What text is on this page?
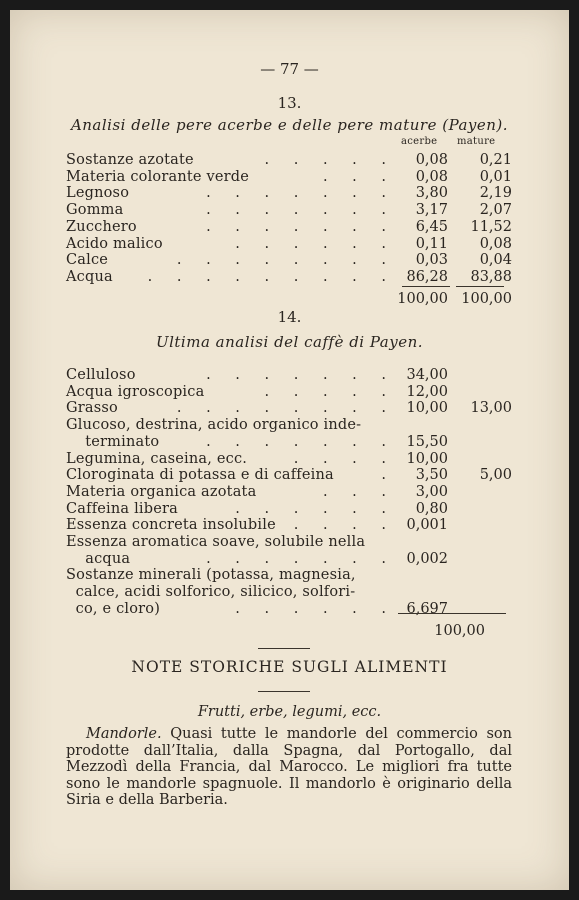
— 77 —
13.
Analisi delle pere acerbe e delle pere mature (Payen).
acerbe mature
Sostanze azotate	. . . . . 0,08 0,21
Materia colorante verde	. . . 0,08 0,01
Legnoso	. . . . . . . 3,80 2,19
Gomma	. . . . . . . 3,17 2,07
Zucchero	. . . . . . . 6,45 11,52
Acido malico	. . . . . . 0,11 0,08
Calce	. . . . . . . . 0,03 0,04
Acqua . . . . . . . . . 86,28 83,88
100,00 100,00
14.
Ultima analisi del caffè di Payen.
Celluloso	. . . . . . . 34,00
Acqua igroscopica	. . . . . 12,00
Grasso	. . . . . . . . 10,00 13,00
Glucoso, destrina, acido organico inde-
terminato	. . . . . . . 15,50
Legumina, caseina, ecc.	. . . . 10,00
Cloroginata di potassa e di caffeina	. 3,50 5,00
Materia organica azotata	. . . 3,00
Caffeina libera	. . . . . . 0,80
Essenza concreta insolubile . . . . 0,001
Essenza aromatica soave, solubile nella
acqua	. . . . . . . 0,002
Sostanze minerali (potassa, magnesia,
calce, acidi solforico, silicico, solfori-
co, e cloro)	. . . . . . 6,697
100,00
NOTE STORICHE SUGLI ALIMENTI
Frutti, erbe, legumi, ecc.
Mandorle. Quasi tutte le mandorle del commercio son prodotte dall’Italia, dalla Spagna, dal Portogallo, dal Mezzodì della Francia, dal Marocco. Le migliori fra tutte sono le mandorle spagnuole. Il mandorlo è originario della Siria e della Barberia.
